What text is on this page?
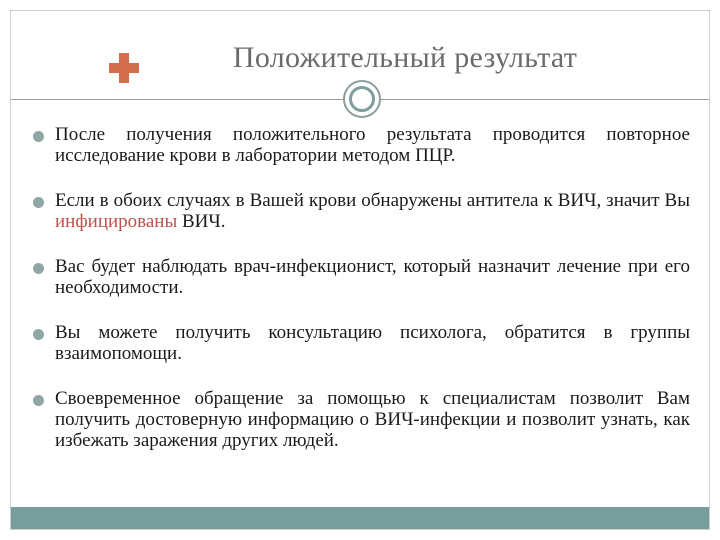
Положительный результат
После получения положительного результата проводится повторное исследование крови в лаборатории методом ПЦР.
Если в обоих случаях в Вашей крови обнаружены антитела к ВИЧ, значит Вы инфицированы ВИЧ.
Вас будет наблюдать врач-инфекционист, который назначит лечение при его необходимости.
Вы можете получить консультацию психолога, обратится в группы взаимопомощи.
Своевременное обращение за помощью к специалистам позволит Вам получить достоверную информацию о ВИЧ-инфекции и позволит узнать, как избежать заражения других людей.
